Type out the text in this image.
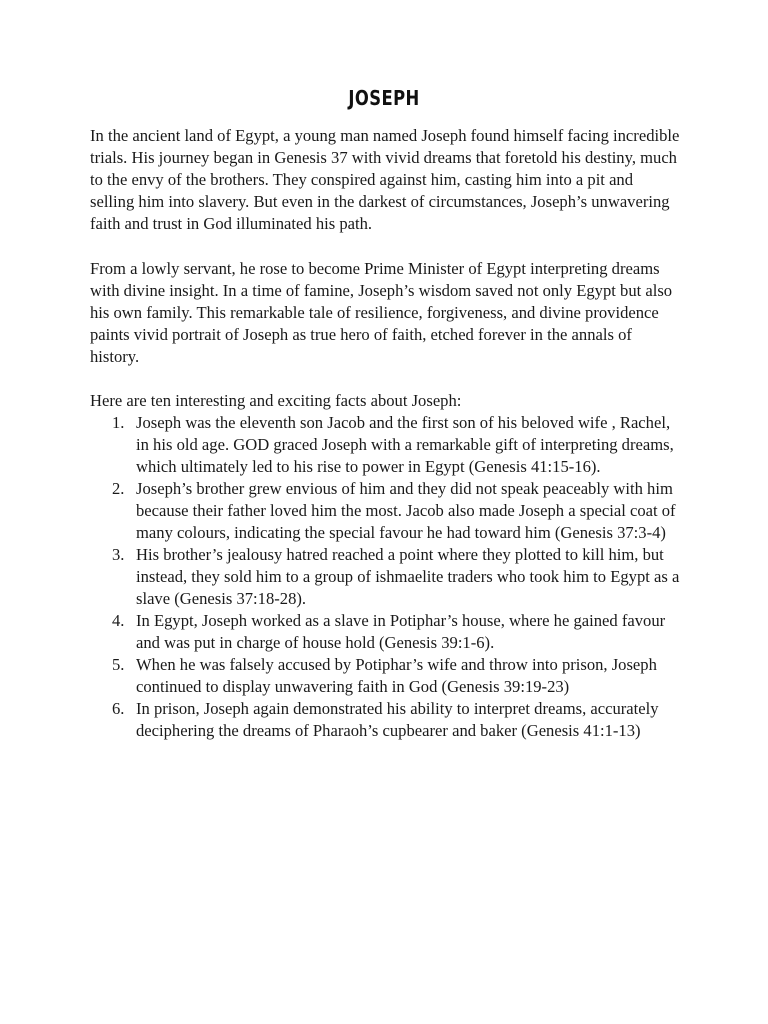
JOSEPH

In the ancient land of Egypt, a young man named Joseph found himself facing incredible trials. His journey began in Genesis 37 with vivid dreams that foretold his destiny, much to the envy of the brothers. They conspired against him, casting him into a pit and selling him into slavery. But even in the darkest of circumstances, Joseph’s unwavering faith and trust in God illuminated his path.

From a lowly servant, he rose to become Prime Minister of Egypt interpreting dreams with divine insight. In a time of famine, Joseph’s wisdom saved not only Egypt but also his own family. This remarkable tale of resilience, forgiveness, and divine providence paints vivid portrait of Joseph as true hero of faith, etched forever in the annals of history.

Here are ten interesting and exciting facts about Joseph:

1. Joseph was the eleventh son Jacob and the first son of his beloved wife , Rachel, in his old age. GOD graced Joseph with a remarkable gift of interpreting dreams, which ultimately led to his rise to power in Egypt (Genesis 41:15-16).
2. Joseph’s brother grew envious of him and they did not speak peaceably with him because their father loved him the most. Jacob also made Joseph a special coat of many colours, indicating the special favour he had toward him (Genesis 37:3-4)
3. His brother’s jealousy hatred reached a point where they plotted to kill him, but instead, they sold him to a group of ishmaelite traders who took him to Egypt as a slave (Genesis 37:18-28).
4. In Egypt, Joseph worked as a slave in Potiphar’s house, where he gained favour and was put in charge of house hold (Genesis 39:1-6).
5. When he was falsely accused by Potiphar’s wife and throw into prison, Joseph continued to display unwavering faith in God (Genesis 39:19-23)
6. In prison, Joseph again demonstrated his ability to interpret dreams, accurately deciphering the dreams of Pharaoh’s cupbearer and baker (Genesis 41:1-13)
